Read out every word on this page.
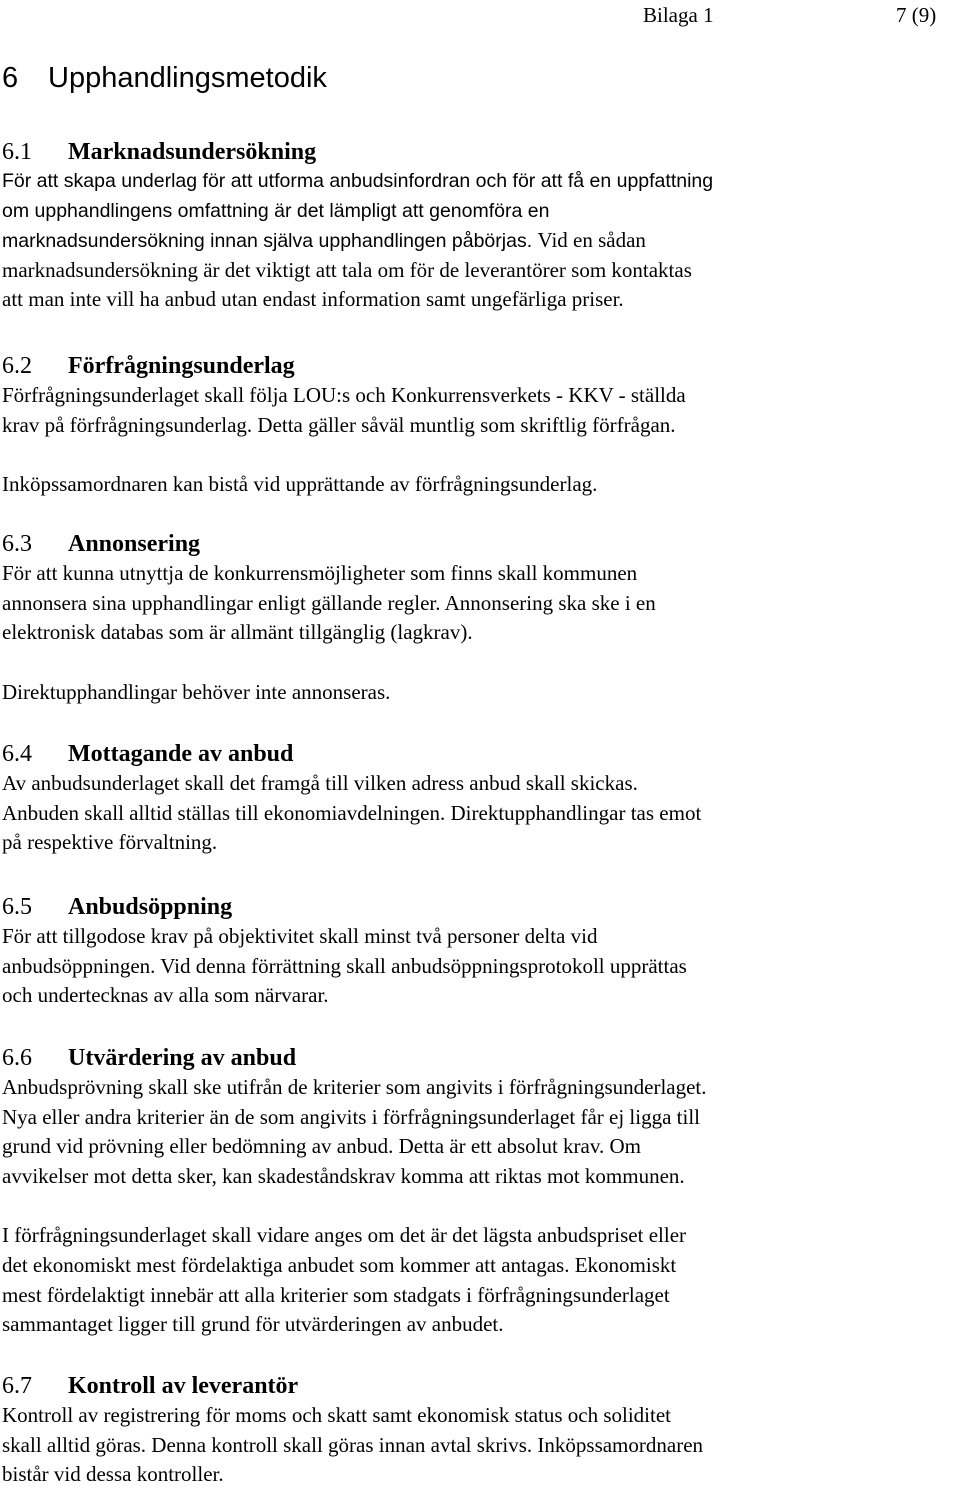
Bilaga 1	7 (9)
6 Upphandlingsmetodik
6.1 Marknadsundersökning

För att skapa underlag för att utforma anbudsinfordran och för att få en uppfattning
om upphandlingens omfattning är det lämpligt att genomföra en
marknadsundersökning innan själva upphandlingen påbörjas. Vid en sådan
marknadsundersökning är det viktigt att tala om för de leverantörer som kontaktas
att man inte vill ha anbud utan endast information samt ungefärliga priser.

6.2 Förfrågningsunderlag

Förfrågningsunderlaget skall följa LOU:s och Konkurrensverkets - KKV - ställda
krav på förfrågningsunderlag. Detta gäller såväl muntlig som skriftlig förfrågan.

Inköpssamordnaren kan bistå vid upprättande av förfrågningsunderlag.

6.3 Annonsering

För att kunna utnyttja de konkurrensmöjligheter som finns skall kommunen
annonsera sina upphandlingar enligt gällande regler. Annonsering ska ske i en
elektronisk databas som är allmänt tillgänglig (lagkrav).

Direktupphandlingar behöver inte annonseras.

6.4 Mottagande av anbud

Av anbudsunderlaget skall det framgå till vilken adress anbud skall skickas.
Anbuden skall alltid ställas till ekonomiavdelningen. Direktupphandlingar tas emot
på respektive förvaltning.

6.5 Anbudsöppning

För att tillgodose krav på objektivitet skall minst två personer delta vid
anbudsöppningen. Vid denna förrättning skall anbudsöppningsprotokoll upprättas
och undertecknas av alla som närvarar.

6.6 Utvärdering av anbud

Anbudsprövning skall ske utifrån de kriterier som angivits i förfrågningsunderlaget.
Nya eller andra kriterier än de som angivits i förfrågningsunderlaget får ej ligga till
grund vid prövning eller bedömning av anbud. Detta är ett absolut krav. Om
avvikelser mot detta sker, kan skadeståndskrav komma att riktas mot kommunen.

I förfrågningsunderlaget skall vidare anges om det är det lägsta anbudspriset eller
det ekonomiskt mest fördelaktiga anbudet som kommer att antagas. Ekonomiskt
mest fördelaktigt innebär att alla kriterier som stadgats i förfrågningsunderlaget
sammantaget ligger till grund för utvärderingen av anbudet.

6.7 Kontroll av leverantör

Kontroll av registrering för moms och skatt samt ekonomisk status och soliditet
skall alltid göras. Denna kontroll skall göras innan avtal skrivs. Inköpssamordnaren
bistår vid dessa kontroller.
